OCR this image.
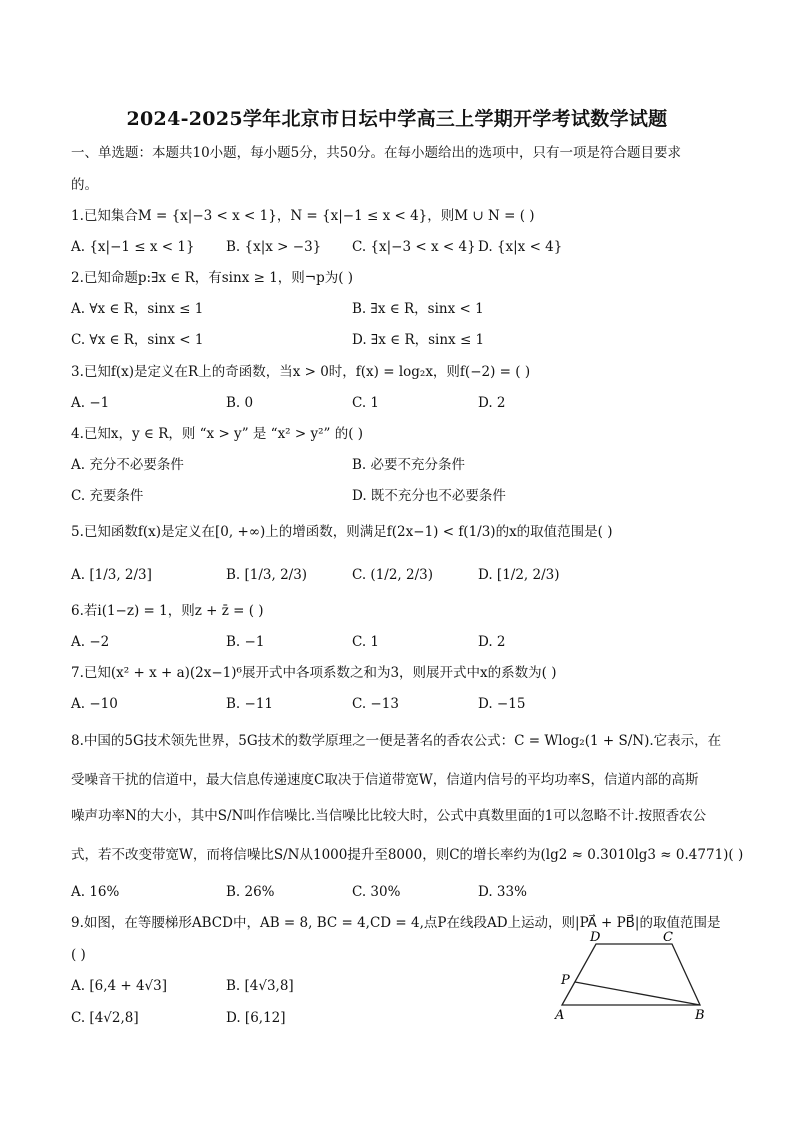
2024-2025学年北京市日坛中学高三上学期开学考试数学试题
一、单选题：本题共10小题，每小题5分，共50分。在每小题给出的选项中，只有一项是符合题目要求
的。
1.已知集合M = {x|−3 < x < 1}，N = {x|−1 ≤ x < 4}，则M ∪ N = ( )
A. {x|−1 ≤ x < 1} B. {x|x > −3} C. {x|−3 < x < 4} D. {x|x < 4}
2.已知命题p:∃x ∈ R，有sinx ≥ 1，则¬p为( )
A. ∀x ∈ R，sinx ≤ 1	B. ∃x ∈ R，sinx < 1
C. ∀x ∈ R，sinx < 1	D. ∃x ∈ R，sinx ≤ 1
3.已知f(x)是定义在R上的奇函数，当x > 0时，f(x) = log₂x，则f(−2) = ( )
A. −1	B. 0	C. 1	D. 2
4.已知x，y ∈ R，则 “x > y” 是 “x² > y²” 的( )
A. 充分不必要条件	B. 必要不充分条件
C. 充要条件	D. 既不充分也不必要条件
5.已知函数f(x)是定义在[0, +∞)上的增函数，则满足f(2x−1) < f(1/3)的x的取值范围是( )
A. [1/3, 2/3]	B. [1/3, 2/3)	C. (1/2, 2/3)	D. [1/2, 2/3)
6.若i(1−z) = 1，则z + z̄ = ( )
A. −2	B. −1	C. 1	D. 2
7.已知(x² + x + a)(2x−1)⁶展开式中各项系数之和为3，则展开式中x的系数为( )
A. −10	B. −11	C. −13	D. −15
8.中国的5G技术领先世界，5G技术的数学原理之一便是著名的香农公式：C = Wlog₂(1 + S/N).它表示，在
受噪音干扰的信道中，最大信息传递速度C取决于信道带宽W，信道内信号的平均功率S，信道内部的高斯
噪声功率N的大小，其中S/N叫作信噪比.当信噪比比较大时，公式中真数里面的1可以忽略不计.按照香农公
式，若不改变带宽W，而将信噪比S/N从1000提升至8000，则C的增长率约为(lg2 ≈ 0.3010lg3 ≈ 0.4771)( )
A. 16%	B. 26%	C. 30%	D. 33%
9.如图，在等腰梯形ABCD中，AB = 8, BC = 4,CD = 4,点P在线段AD上运动，则|PA⃗ + PB⃗|的取值范围是
( )
A. [6,4 + 4√3]	B. [4√3,8]
C. [4√2,8]	D. [6,12]
D	C
P
A	B
